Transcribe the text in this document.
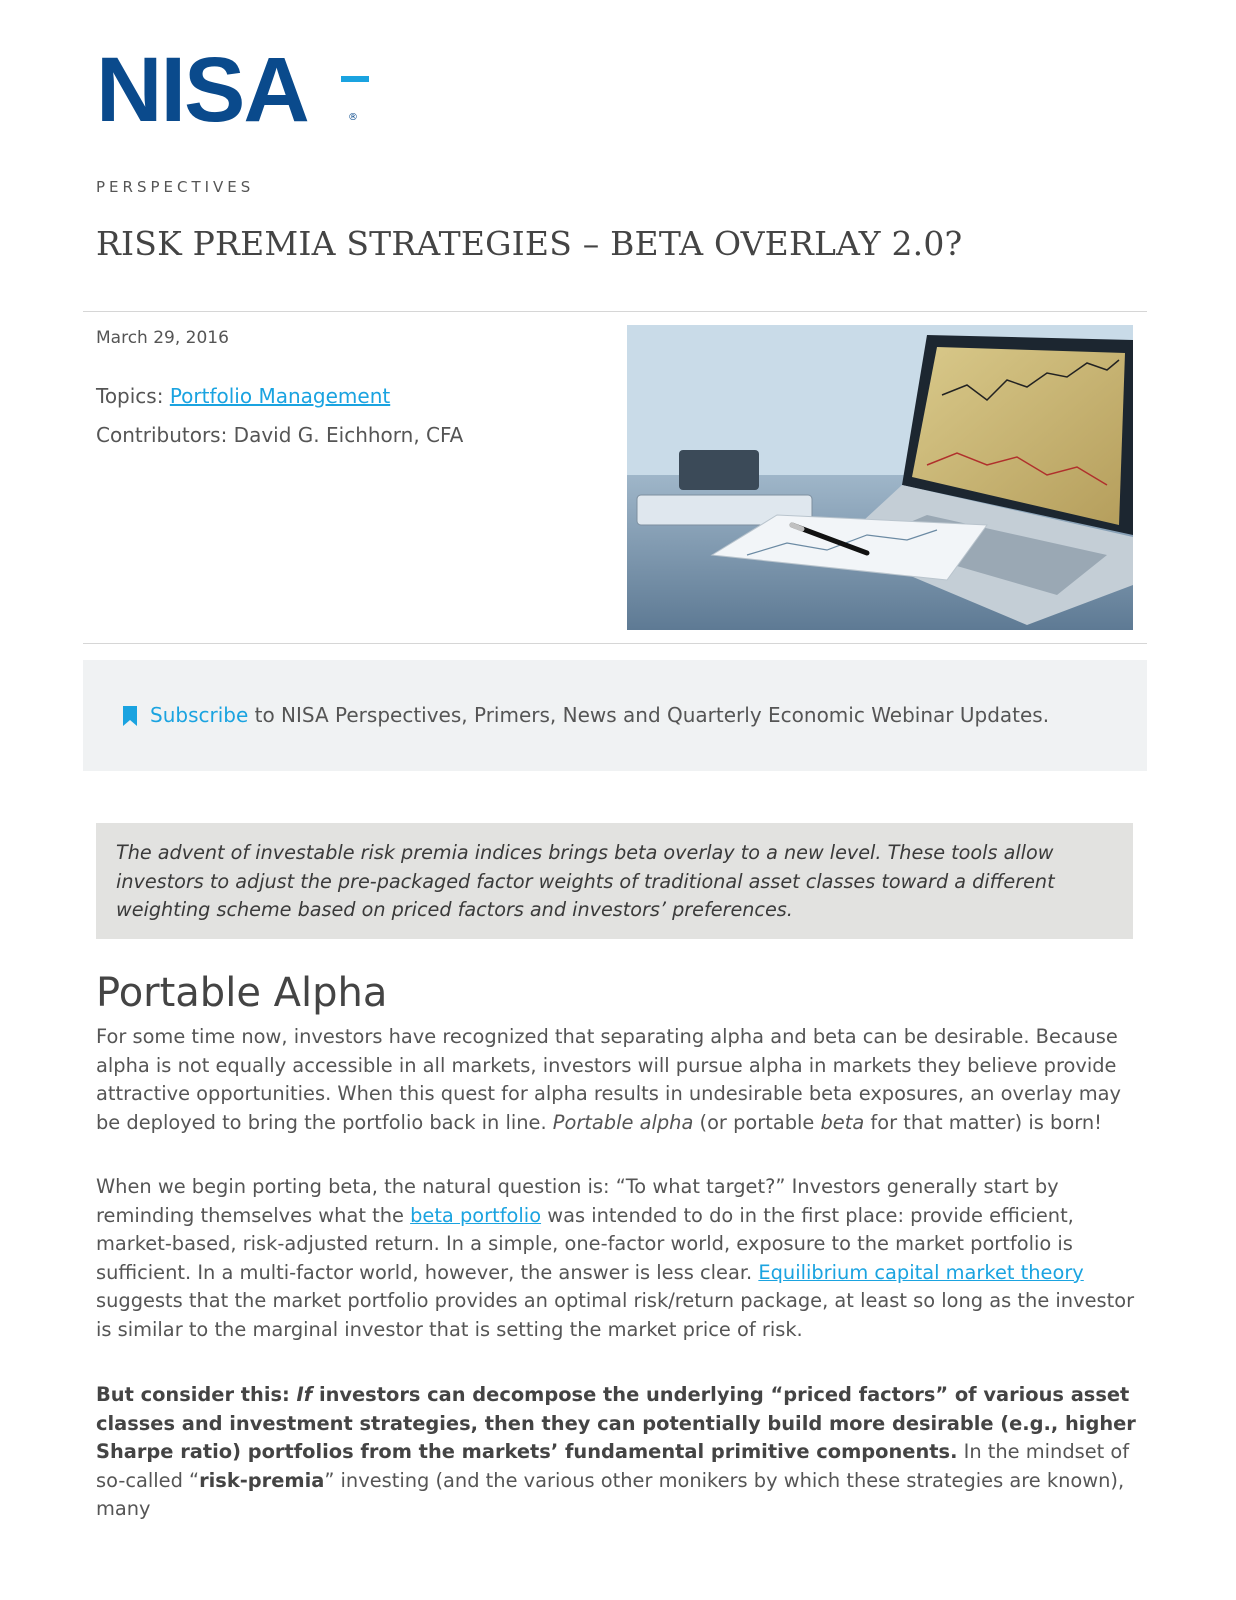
NISA	®
PERSPECTIVES
RISK PREMIA STRATEGIES – BETA OVERLAY 2.0?
March 29, 2016
Topics: Portfolio Management
Contributors: David G. Eichhorn, CFA
Subscribe to NISA Perspectives, Primers, News and Quarterly Economic Webinar Updates.
The advent of investable risk premia indices brings beta overlay to a new level. These tools allow investors to adjust the pre-packaged factor weights of traditional asset classes toward a different weighting scheme based on priced factors and investors’ preferences.
Portable Alpha

For some time now, investors have recognized that separating alpha and beta can be desirable. Because alpha is not equally accessible in all markets, investors will pursue alpha in markets they believe provide attractive opportunities. When this quest for alpha results in undesirable beta exposures, an overlay may be deployed to bring the portfolio back in line. Portable alpha (or portable beta for that matter) is born!

When we begin porting beta, the natural question is: “To what target?” Investors generally start by reminding themselves what the beta portfolio was intended to do in the first place: provide efficient, market-based, risk-adjusted return. In a simple, one-factor world, exposure to the market portfolio is sufficient. In a multi-factor world, however, the answer is less clear. Equilibrium capital market theory suggests that the market portfolio provides an optimal risk/return package, at least so long as the investor is similar to the marginal investor that is setting the market price of risk.

But consider this: If investors can decompose the underlying “priced factors” of various asset classes and investment strategies, then they can potentially build more desirable (e.g., higher Sharpe ratio) portfolios from the markets’ fundamental primitive components. In the mindset of so-called “risk-premia” investing (and the various other monikers by which these strategies are known), many
